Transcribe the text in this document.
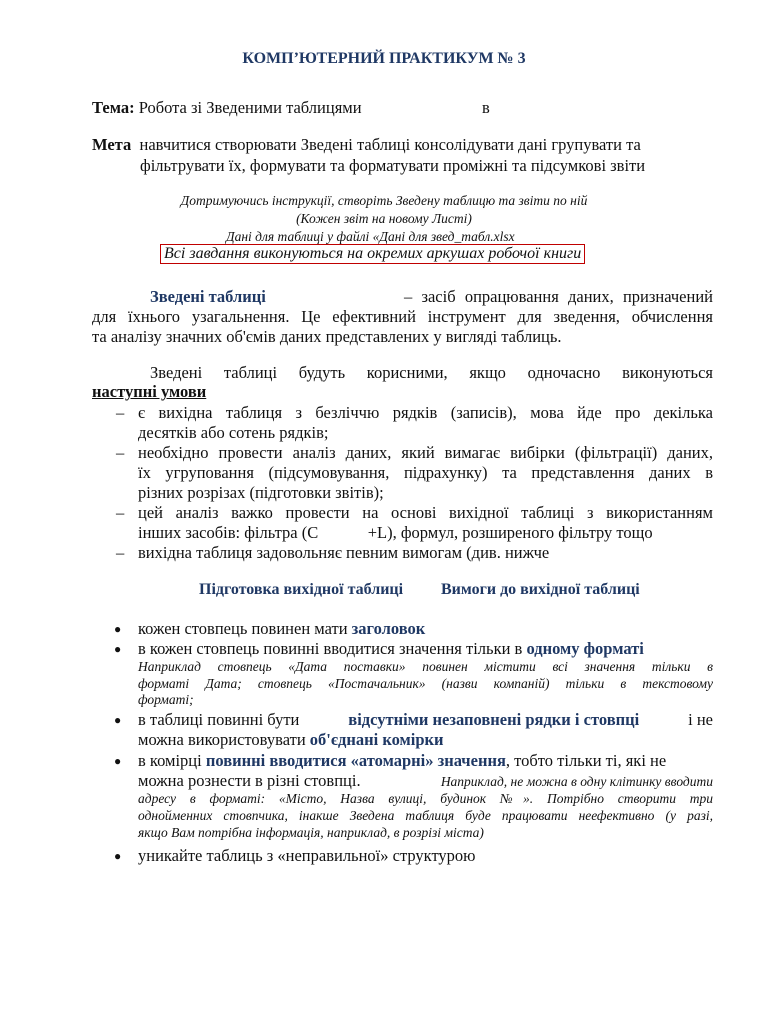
КОМП’ЮТЕРНИЙ ПРАКТИКУМ № 3
Тема: Робота зі Зведеними таблицями	в
Мета навчитися створювати Зведені таблиці консолідувати дані групувати та
фільтрувати їх, формувати та форматувати проміжні та підсумкові звіти
Дотримуючись інструкції, створіть Зведену таблицю та звіти по ній
(Кожен звіт на новому Листі)
Дані для таблиці у файлі «Дані для звед_табл.xlsx
Всі завдання виконуються на окремих аркушах робочої книги
Зведені таблиці	– засіб опрацювання даних, призначений
для їхнього узагальнення. Це ефективний інструмент для зведення, обчислення
та аналізу значних об'ємів даних представлених у вигляді таблиць.
Зведені таблиці будуть корисними, якщо одночасно виконуються
наступні умови
– є вихідна таблиця з безліччю рядків (записів), мова йде про декілька
десятків або сотень рядків;
– необхідно провести аналіз даних, який вимагає вибірки (фільтрації) даних,
їх угруповання (підсумовування, підрахунку) та представлення даних в
різних розрізах (підготовки звітів);
– цей аналіз важко провести на основі вихідної таблиці з використанням
інших засобів: фільтра (С            +L), формул, розширеного фільтру тощо
– вихідна таблиця задовольняє певним вимогам (див. нижче
Підготовка вихідної таблиці Вимоги до вихідної таблиці
● кожен стовпець повинен мати заголовок
● в кожен стовпець повинні вводитися значення тільки в одному форматі
Наприклад стовпець «Дата поставки» повинен містити всі значення тільки в
форматі Дата; стовпець «Постачальник» (назви компаній) тільки в текстовому
форматі;
● в таблиці повинні бути	відсутніми незаповнені рядки і стовпці	і не
можна використовувати об'єднані комірки
● в комірці повинні вводитися «атомарні» значення, тобто тільки ті, які не
можна рознести в різні стовпці.	Наприклад, не можна в одну клітинку вводити
адресу в форматі: «Місто, Назва вулиці, будинок №». Потрібно створити три
однойменних стовпчика, інакше Зведена таблиця буде працювати неефективно (у разі,
якщо Вам потрібна інформація, наприклад, в розрізі міста)
● уникайте таблиць з «неправильної» структурою
